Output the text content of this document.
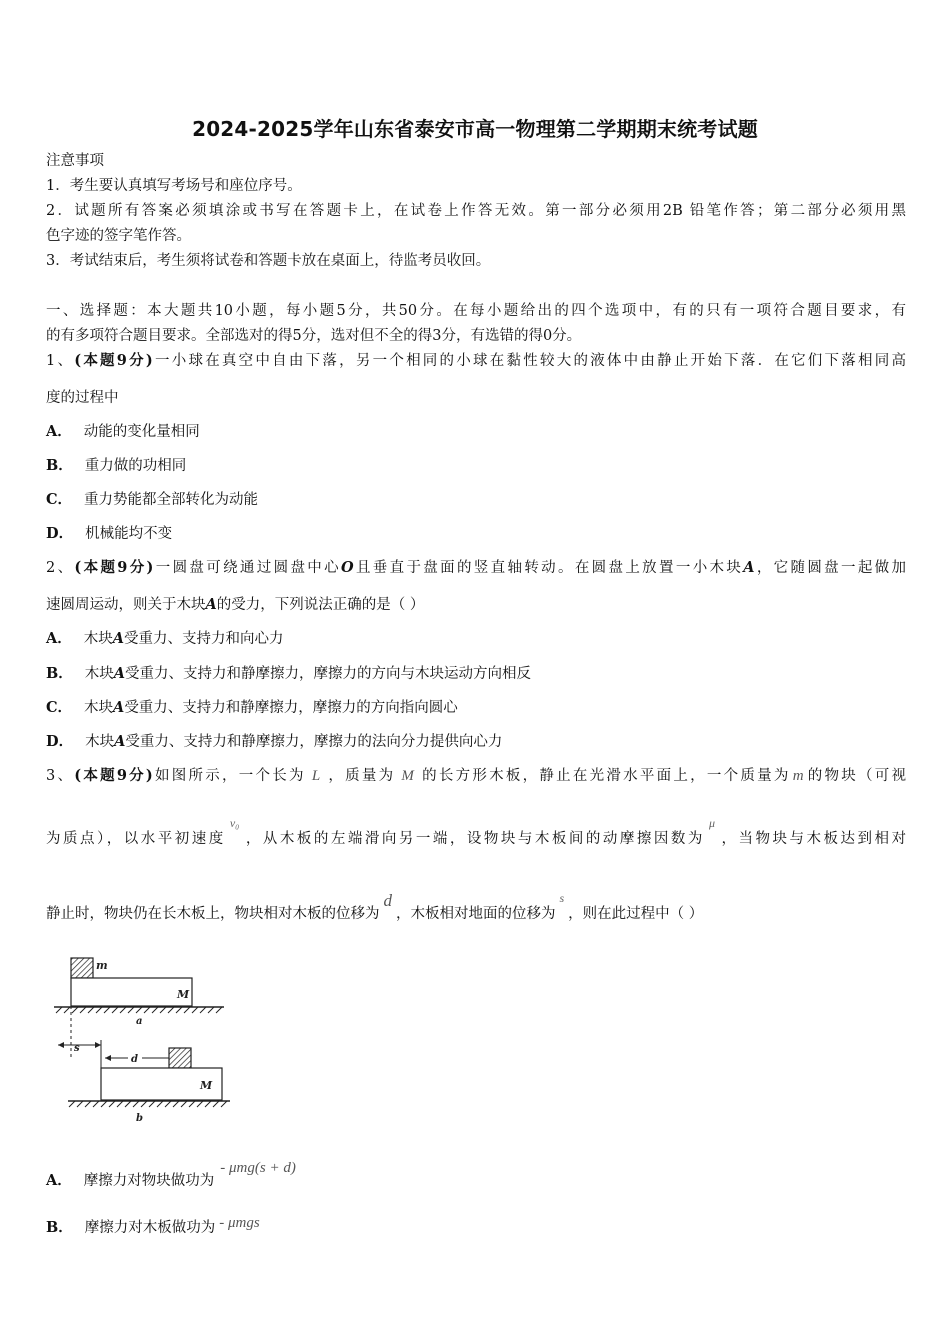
2024-2025学年山东省泰安市高一物理第二学期期末统考试题
注意事项
1．考生要认真填写考场号和座位序号。
2．试题所有答案必须填涂或书写在答题卡上，在试卷上作答无效。第一部分必须用2B 铅笔作答；第二部分必须用黑
色字迹的签字笔作答。
3．考试结束后，考生须将试卷和答题卡放在桌面上，待监考员收回。
一、选择题：本大题共10小题，每小题5分，共50分。在每小题给出的四个选项中，有的只有一项符合题目要求，有
的有多项符合题目要求。全部选对的得5分，选对但不全的得3分，有选错的得0分。
1、(本题9分)一小球在真空中自由下落，另一个相同的小球在黏性较大的液体中由静止开始下落．在它们下落相同高
度的过程中
A． 动能的变化量相同
B． 重力做的功相同
C． 重力势能都全部转化为动能
D． 机械能均不变
2、(本题9分)一圆盘可绕通过圆盘中心O且垂直于盘面的竖直轴转动。在圆盘上放置一小木块A，它随圆盘一起做加
速圆周运动，则关于木块A的受力，下列说法正确的是（ ）
A． 木块A受重力、支持力和向心力
B． 木块A受重力、支持力和静摩擦力，摩擦力的方向与木块运动方向相反
C． 木块A受重力、支持力和静摩擦力，摩擦力的方向指向圆心
D． 木块A受重力、支持力和静摩擦力，摩擦力的法向分力提供向心力
3、(本题9分)如图所示，一个长为 L ，质量为 M 的长方形木板，静止在光滑水平面上，一个质量为 m 的物块（可视
为质点），以水平初速度$^{v_0}$，从木板的左端滑向另一端，设物块与木板间的动摩擦因数为$^\mu$，当物块与木板达到相对
静止时，物块仍在长木板上，物块相对木板的位移为d，木板相对地面的位移为$^s$，则在此过程中（ ）
m
M
a
s
d
M
b
A． 摩擦力对物块做功为- μmg(s + d)
B． 摩擦力对木板做功为 - μmgs
